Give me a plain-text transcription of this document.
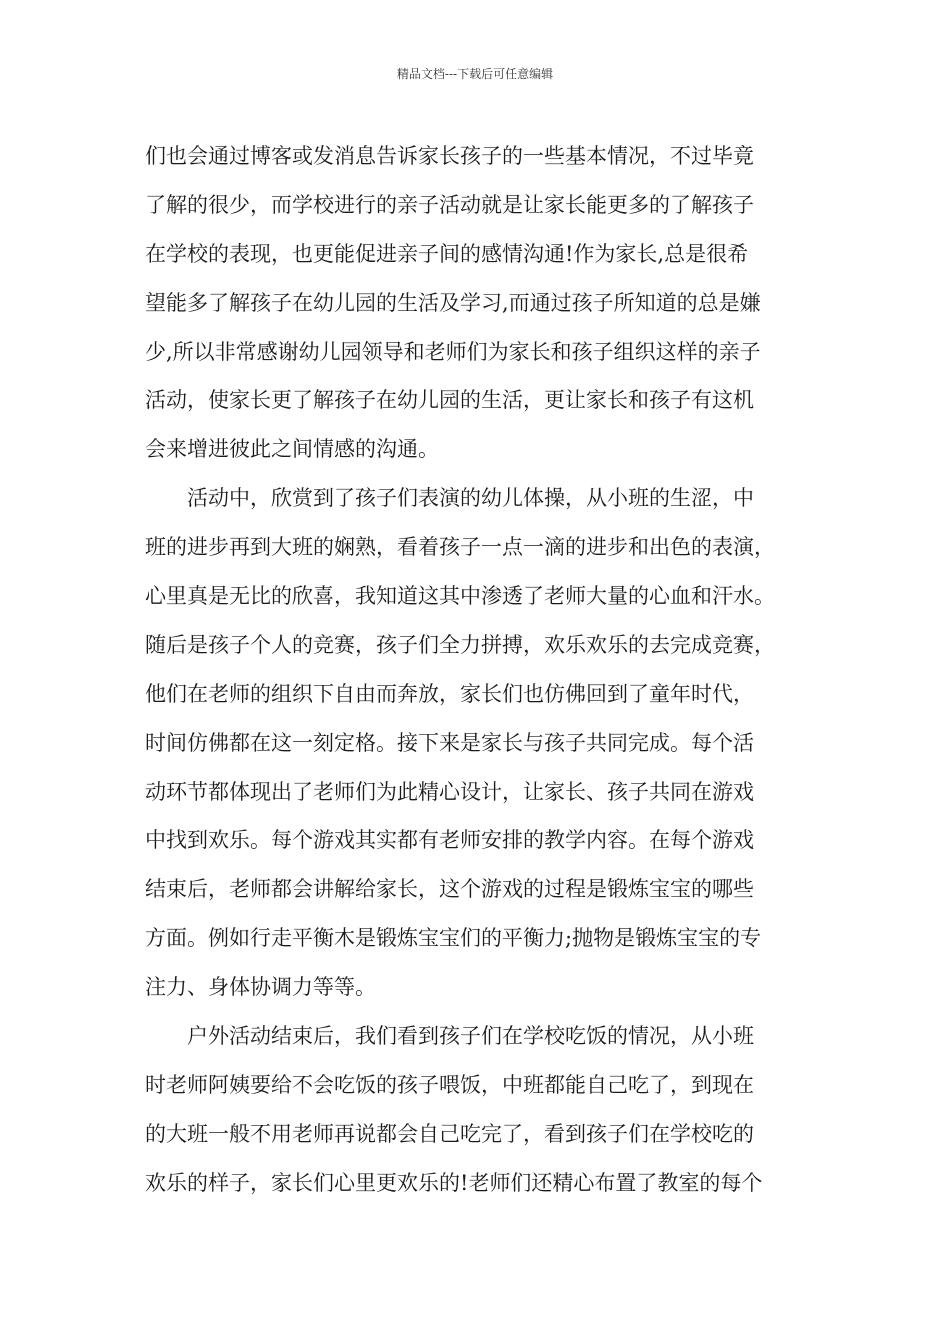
精品文档---下载后可任意编辑

们也会通过博客或发消息告诉家长孩子的一些基本情况，不过毕竟

了解的很少，而学校进行的亲子活动就是让家长能更多的了解孩子

在学校的表现，也更能促进亲子间的感情沟通!作为家长,总是很希

望能多了解孩子在幼儿园的生活及学习,而通过孩子所知道的总是嫌

少,所以非常感谢幼儿园领导和老师们为家长和孩子组织这样的亲子

活动，使家长更了解孩子在幼儿园的生活，更让家长和孩子有这机

会来增进彼此之间情感的沟通。

活动中，欣赏到了孩子们表演的幼儿体操，从小班的生涩，中

班的进步再到大班的娴熟，看着孩子一点一滴的进步和出色的表演，

心里真是无比的欣喜，我知道这其中渗透了老师大量的心血和汗水。

随后是孩子个人的竞赛，孩子们全力拼搏，欢乐欢乐的去完成竞赛，

他们在老师的组织下自由而奔放，家长们也仿佛回到了童年时代，

时间仿佛都在这一刻定格。接下来是家长与孩子共同完成。每个活

动环节都体现出了老师们为此精心设计，让家长、孩子共同在游戏

中找到欢乐。每个游戏其实都有老师安排的教学内容。在每个游戏

结束后，老师都会讲解给家长，这个游戏的过程是锻炼宝宝的哪些

方面。例如行走平衡木是锻炼宝宝们的平衡力;抛物是锻炼宝宝的专

注力、身体协调力等等。

户外活动结束后，我们看到孩子们在学校吃饭的情况，从小班

时老师阿姨要给不会吃饭的孩子喂饭，中班都能自己吃了，到现在

的大班一般不用老师再说都会自己吃完了，看到孩子们在学校吃的

欢乐的样子，家长们心里更欢乐的!老师们还精心布置了教室的每个
